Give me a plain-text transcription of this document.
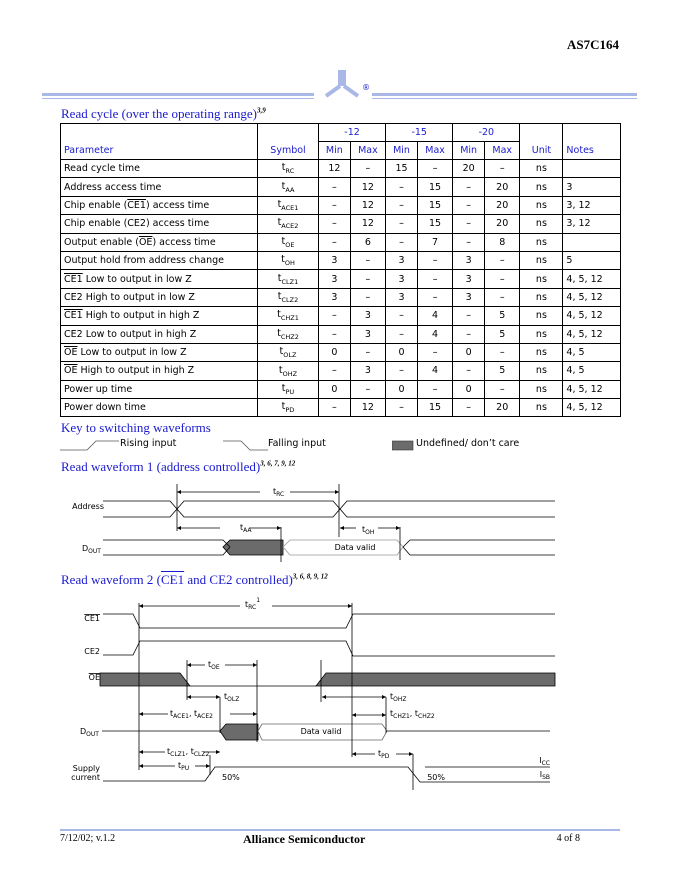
AS7C164
®
Read cycle (over the operating range)$^{3,9}$
Parameter	Symbol	-12		-15		-20		Unit	Notes
		Min	Max	Min	Max	Min	Max		
Read cycle time	$t_{RC}$	12	–	15	–	20	–	ns	
Address access time	$t_{AA}$	–	12	–	15	–	20	ns	3
Chip enable (CE1) access time	$t_{ACE1}$	–	12	–	15	–	20	ns	3, 12
Chip enable (CE2) access time	$t_{ACE2}$	–	12	–	15	–	20	ns	3, 12
Output enable $(\overline{OE})$ access time	$t_{OE}$	–	6	–	7	–	8	ns	
Output hold from address change	$t_{OH}$	3	–	3	–	3	–	ns	5
CE1 Low to output in low Z	$t_{CLZ1}$	3	–	3	–	3	–	ns	4, 5, 12
CE2 High to output in low Z	$t_{CLZ2}$	3	–	3	–	3	–	ns	4, 5, 12
CE1 High to output in high Z	$t_{CHZ1}$	–	3	–	4	–	5	ns	4, 5, 12
CE2 Low to output in high Z	$t_{CHZ2}$	–	3	–	4	–	5	ns	4, 5, 12
$\overline{OE}$ Low to output in low Z	$t_{OLZ}$	0	–	0	–	0	–	ns	4, 5
$\overline{OE}$ High to output in high Z	$t_{OHZ}$	–	3	–	4	–	5	ns	4, 5
Power up time	$t_{PU}$	0	–	0	–	0	–	ns	4, 5, 12
Power down time	$t_{PD}$	–	12	–	15	–	20	ns	4, 5, 12
Key to switching waveforms
Rising input	Falling input	Undefined/ don’t care
Read waveform 1 (address controlled)$^{3, 6, 7, 9, 12}$
Read waveform 2 (CE1 and CE2 controlled)$^{3, 6, 8, 9, 12}$
Address
$D_{OUT}$
$t_{RC}$
$t_{AA}$	$t_{OH}$
Data valid
CE1
CE2
OE
$D_{OUT}$
Supply
current
$t_{RC}^1$
$t_{OE}$
$t_{OLZ}$	$t_{OHZ}$
$t_{ACE1}$, $t_{ACE2}$	$t_{CHZ1}$, $t_{CHZ2}$
Data valid
$t_{CLZ1}$, $t_{CLZ2}$	$t_{PD}$
$t_{PU}$
50%	50%
$I_{CC}$
$I_{SB}$
7/12/02; v.1.2	Alliance Semiconductor	4 of 8
